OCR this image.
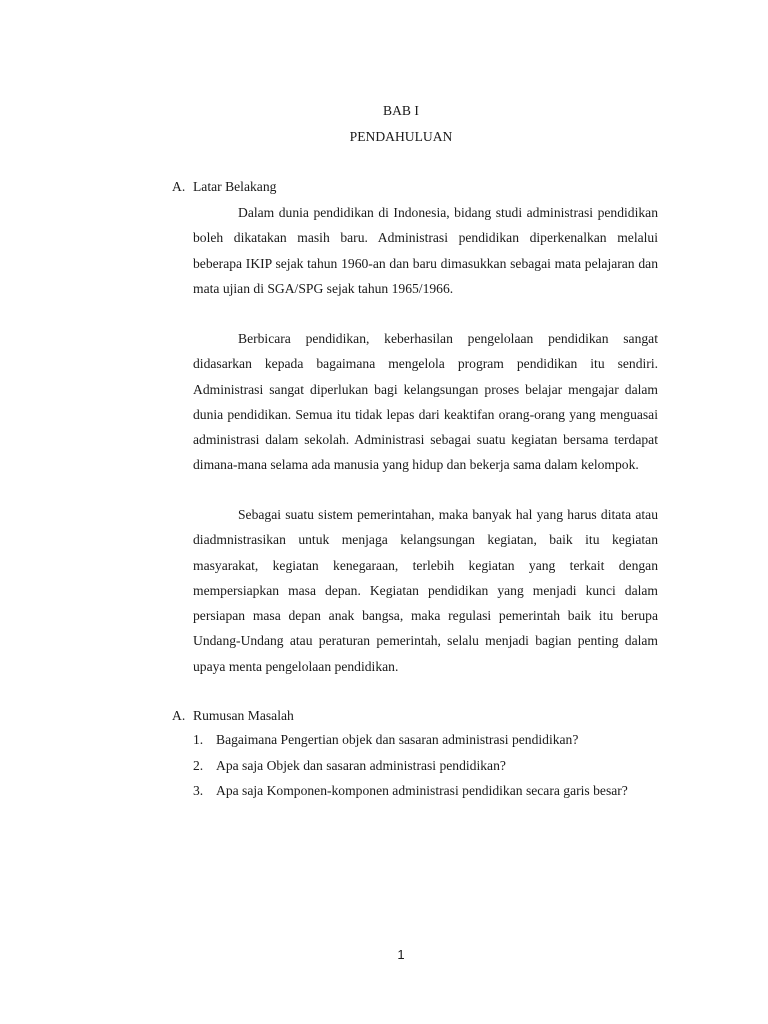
BAB I
PENDAHULUAN
A. Latar Belakang

Dalam dunia pendidikan di Indonesia, bidang studi administrasi pendidikan boleh dikatakan masih baru. Administrasi pendidikan diperkenalkan melalui beberapa IKIP sejak tahun 1960-an dan baru dimasukkan sebagai mata pelajaran dan mata ujian di SGA/SPG sejak tahun 1965/1966.

Berbicara pendidikan, keberhasilan pengelolaan pendidikan sangat didasarkan kepada bagaimana mengelola program pendidikan itu sendiri. Administrasi sangat diperlukan bagi kelangsungan proses belajar mengajar dalam dunia pendidikan. Semua itu tidak lepas dari keaktifan orang-orang yang menguasai administrasi dalam sekolah. Administrasi sebagai suatu kegiatan bersama terdapat dimana-mana selama ada manusia yang hidup dan bekerja sama dalam kelompok.

Sebagai suatu sistem pemerintahan, maka banyak hal yang harus ditata atau diadmnistrasikan untuk menjaga kelangsungan kegiatan, baik itu kegiatan masyarakat, kegiatan kenegaraan, terlebih kegiatan yang terkait dengan mempersiapkan masa depan. Kegiatan pendidikan yang menjadi kunci dalam persiapan masa depan anak bangsa, maka regulasi pemerintah baik itu berupa Undang-Undang atau peraturan pemerintah, selalu menjadi bagian penting dalam upaya menta pengelolaan pendidikan.

A. Rumusan Masalah
1. Bagaimana Pengertian objek dan sasaran administrasi pendidikan?
2. Apa saja Objek dan sasaran administrasi pendidikan?
3. Apa saja Komponen-komponen administrasi pendidikan secara garis besar?
1
